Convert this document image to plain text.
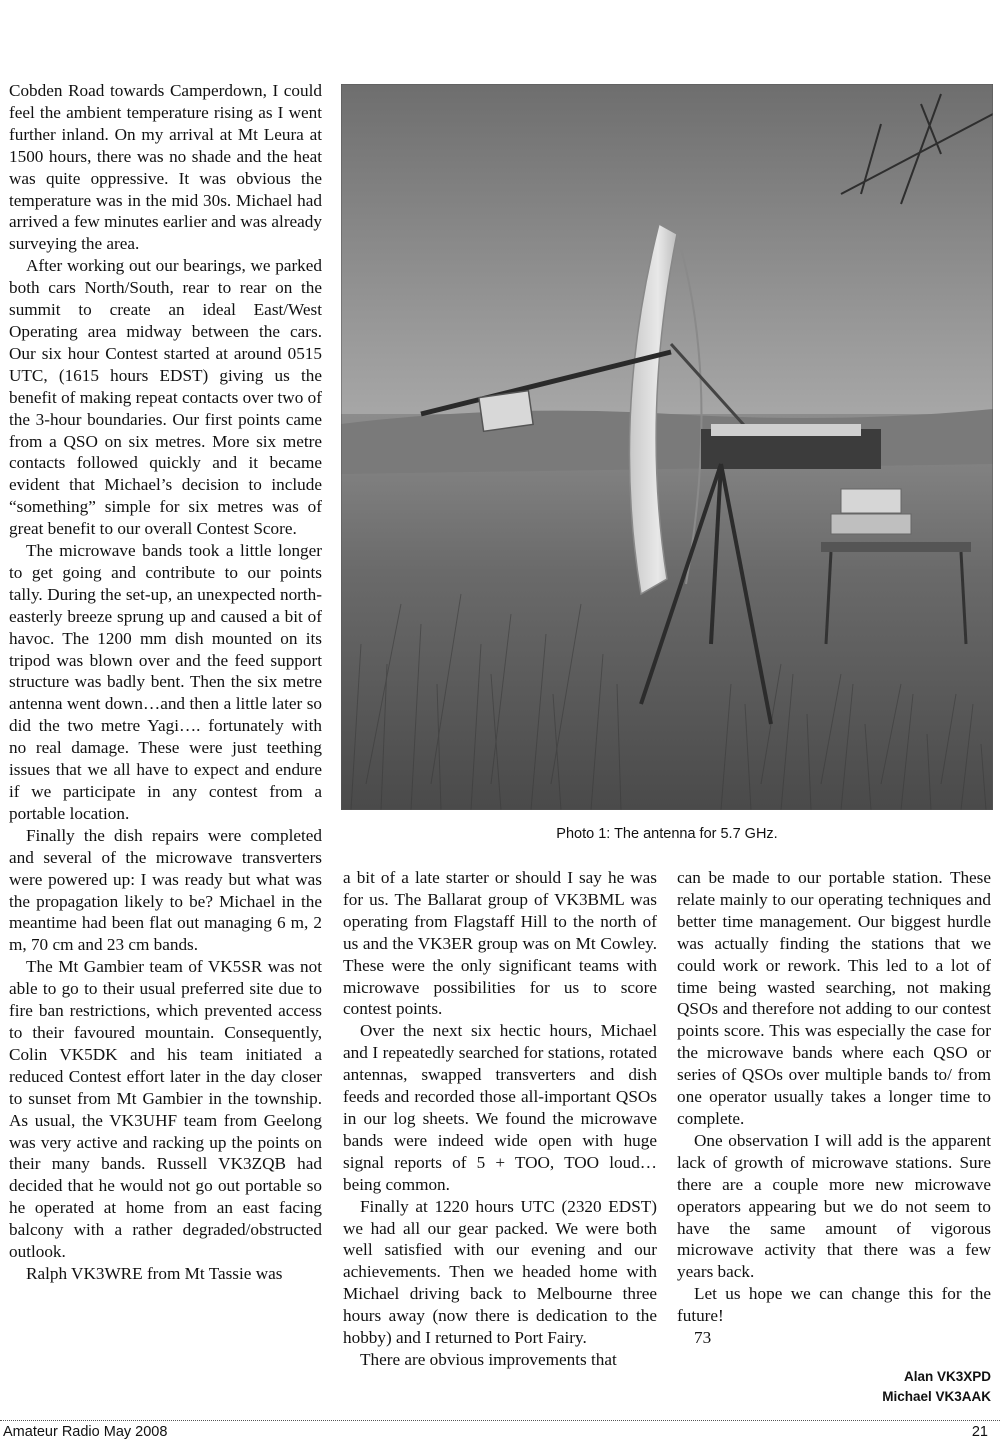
Cobden Road towards Camperdown, I could feel the ambient temperature rising as I went further inland. On my arrival at Mt Leura at 1500 hours, there was no shade and the heat was quite oppressive. It was obvious the temperature was in the mid 30s. Michael had arrived a few minutes earlier and was already surveying the area.

After working out our bearings, we parked both cars North/South, rear to rear on the summit to create an ideal East/West Operating area midway between the cars. Our six hour Contest started at around 0515 UTC, (1615 hours EDST) giving us the benefit of making repeat contacts over two of the 3-hour boundaries. Our first points came from a QSO on six metres. More six metre contacts followed quickly and it became evident that Michael’s decision to include “something” simple for six metres was of great benefit to our overall Contest Score.

The microwave bands took a little longer to get going and contribute to our points tally. During the set-up, an unexpected north-easterly breeze sprung up and caused a bit of havoc. The 1200 mm dish mounted on its tripod was blown over and the feed support structure was badly bent. Then the six metre antenna went down…and then a little later so did the two metre Yagi…. fortunately with no real damage. These were just teething issues that we all have to expect and endure if we participate in any contest from a portable location.

Finally the dish repairs were completed and several of the microwave transverters were powered up: I was ready but what was the propagation likely to be? Michael in the meantime had been flat out managing 6 m, 2 m, 70 cm and 23 cm bands.

The Mt Gambier team of VK5SR was not able to go to their usual preferred site due to fire ban restrictions, which prevented access to their favoured mountain. Consequently, Colin VK5DK and his team initiated a reduced Contest effort later in the day closer to sunset from Mt Gambier in the township. As usual, the VK3UHF team from Geelong was very active and racking up the points on their many bands. Russell VK3ZQB had decided that he would not go out portable so he operated at home from an east facing balcony with a rather degraded/obstructed outlook.

Ralph VK3WRE from Mt Tassie was

Photo 1: The antenna for 5.7 GHz.

a bit of a late starter or should I say he was for us. The Ballarat group of VK3BML was operating from Flagstaff Hill to the north of us and the VK3ER group was on Mt Cowley. These were the only significant teams with microwave possibilities for us to score contest points.

Over the next six hectic hours, Michael and I repeatedly searched for stations, rotated antennas, swapped transverters and dish feeds and recorded those all-important QSOs in our log sheets. We found the microwave bands were indeed wide open with huge signal reports of 5 + TOO, TOO loud… being common.

Finally at 1220 hours UTC (2320 EDST) we had all our gear packed. We were both well satisfied with our evening and our achievements. Then we headed home with Michael driving back to Melbourne three hours away (now there is dedication to the hobby) and I returned to Port Fairy.

There are obvious improvements that

can be made to our portable station. These relate mainly to our operating techniques and better time management. Our biggest hurdle was actually finding the stations that we could work or rework. This led to a lot of time being wasted searching, not making QSOs and therefore not adding to our contest points score. This was especially the case for the microwave bands where each QSO or series of QSOs over multiple bands to/ from one operator usually takes a longer time to complete.

One observation I will add is the apparent lack of growth of microwave stations. Sure there are a couple more new microwave operators appearing but we do not seem to have the same amount of vigorous microwave activity that there was a few years back.

Let us hope we can change this for the future!

73

Alan VK3XPD
Michael VK3AAK
Amateur Radio May 2008	21
